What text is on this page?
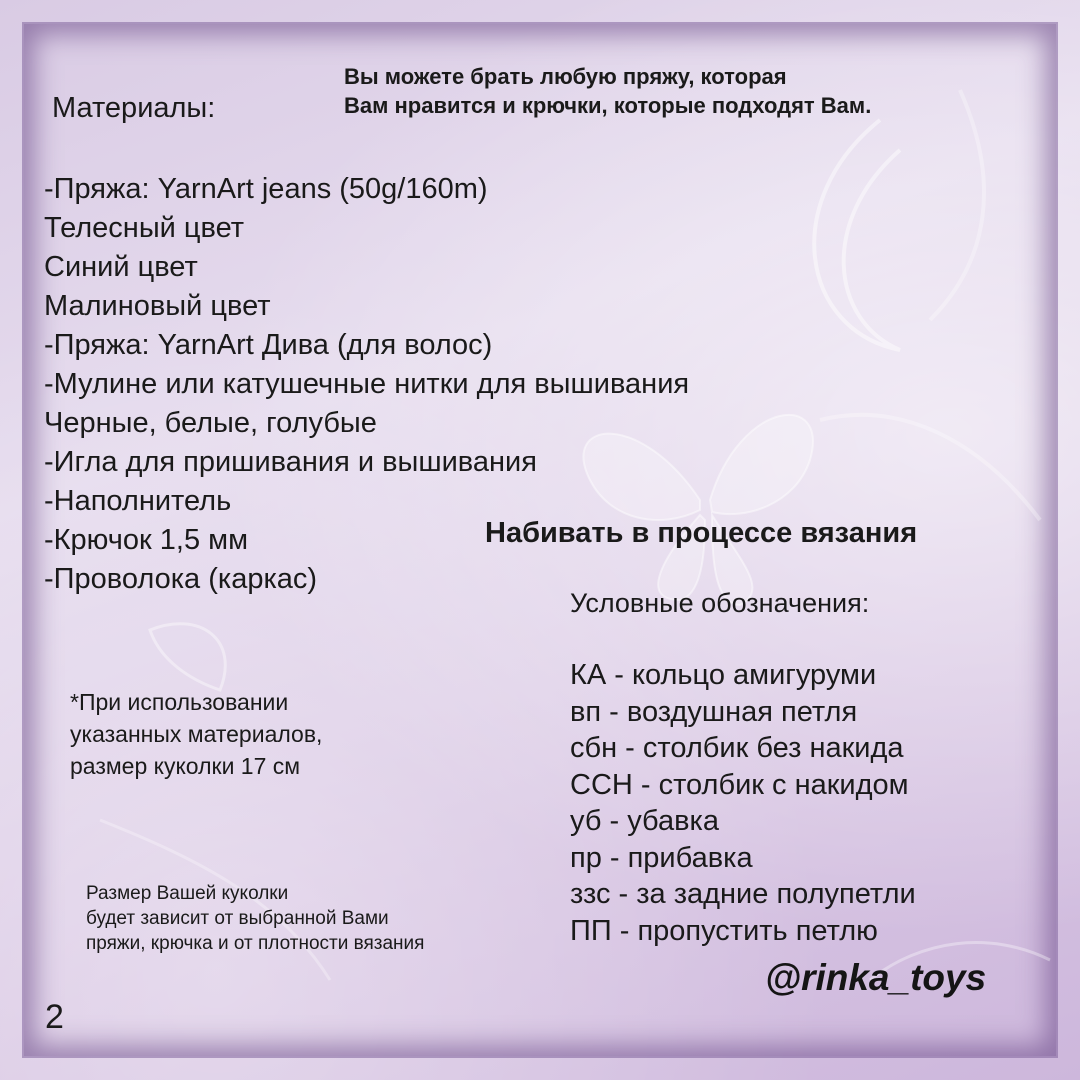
Вы можете брать любую пряжу, которая
Вам нравится и крючки, которые подходят Вам.
Материалы:
-Пряжа: YarnArt jeans (50g/160m)
Телесный цвет
Синий цвет
Малиновый цвет
-Пряжа: YarnArt Дива (для волос)
-Мулине или катушечные нитки для вышивания
Черные, белые, голубые
-Игла для пришивания и вышивания
-Наполнитель
-Крючок 1,5 мм
-Проволока (каркас)
Набивать в процессе вязания
Условные обозначения:
КА - кольцо амигуруми
вп - воздушная петля
сбн - столбик без накида
ССН - столбик с накидом
уб - убавка
пр - прибавка
ззс - за задние полупетли
ПП - пропустить петлю
*При использовании
указанных материалов,
размер куколки 17 см
Размер Вашей куколки
будет зависит от выбранной Вами
пряжи, крючка и от плотности вязания
@rinka_toys
2
